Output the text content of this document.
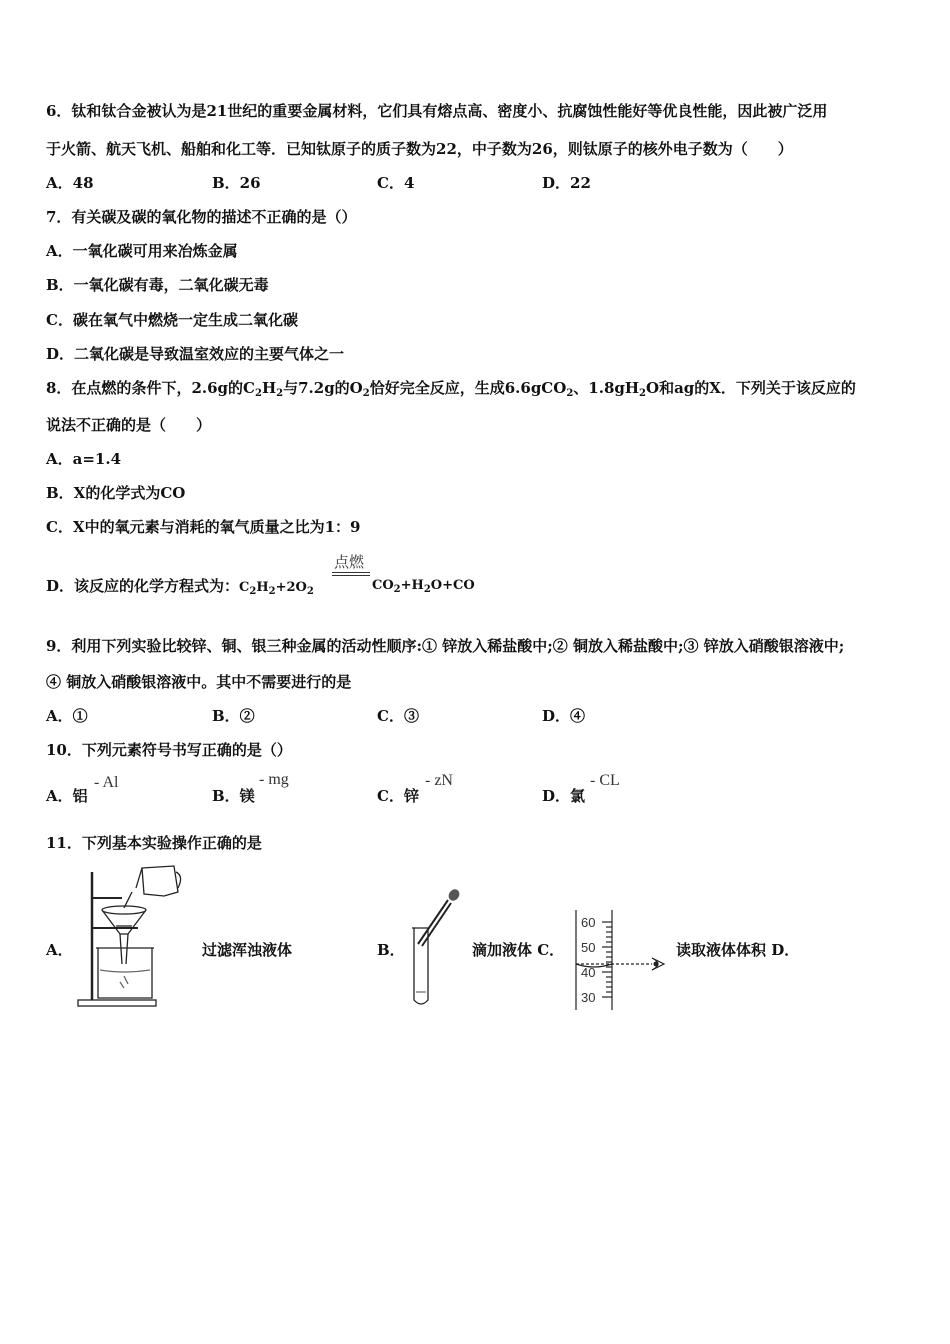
6．钛和钛合金被认为是21世纪的重要金属材料，它们具有熔点高、密度小、抗腐蚀性能好等优良性能，因此被广泛用
于火箭、航天飞机、船舶和化工等．已知钛原子的质子数为22，中子数为26，则钛原子的核外电子数为（　　）
A．48	B．26	C．4	D．22
7．有关碳及碳的氧化物的描述不正确的是（）
A．一氧化碳可用来冶炼金属
B．一氧化碳有毒，二氧化碳无毒
C．碳在氧气中燃烧一定生成二氧化碳
D．二氧化碳是导致温室效应的主要气体之一
8．在点燃的条件下，2.6g的$C_2H_2$与7.2g的$O_2$恰好完全反应，生成6.6gCO$_2$、$1.8gH_2O$和ag的X．下列关于该反应的
说法不正确的是（　　）
A．a=1.4
B．X的化学式为CO
C．X中的氧元素与消耗的氧气质量之比为1：9
D．该反应的化学方程式为：$C_2H_2+2O_2$
点燃
$CO_2+H_2O+CO$
9．利用下列实验比较锌、铜、银三种金属的活动性顺序:① 锌放入稀盐酸中;② 铜放入稀盐酸中;③ 锌放入硝酸银溶液中;
④ 铜放入硝酸银溶液中。其中不需要进行的是
A．①	B．②	C．③	D．④
10．下列元素符号书写正确的是（）
A．铝
- Al
B．镁
- mg
C．锌
- zN
D．氯
- CL
11．下列基本实验操作正确的是
A．	过滤浑浊液体	B．	滴加液体 C．
60
50
40
30
读取液体体积 D．
